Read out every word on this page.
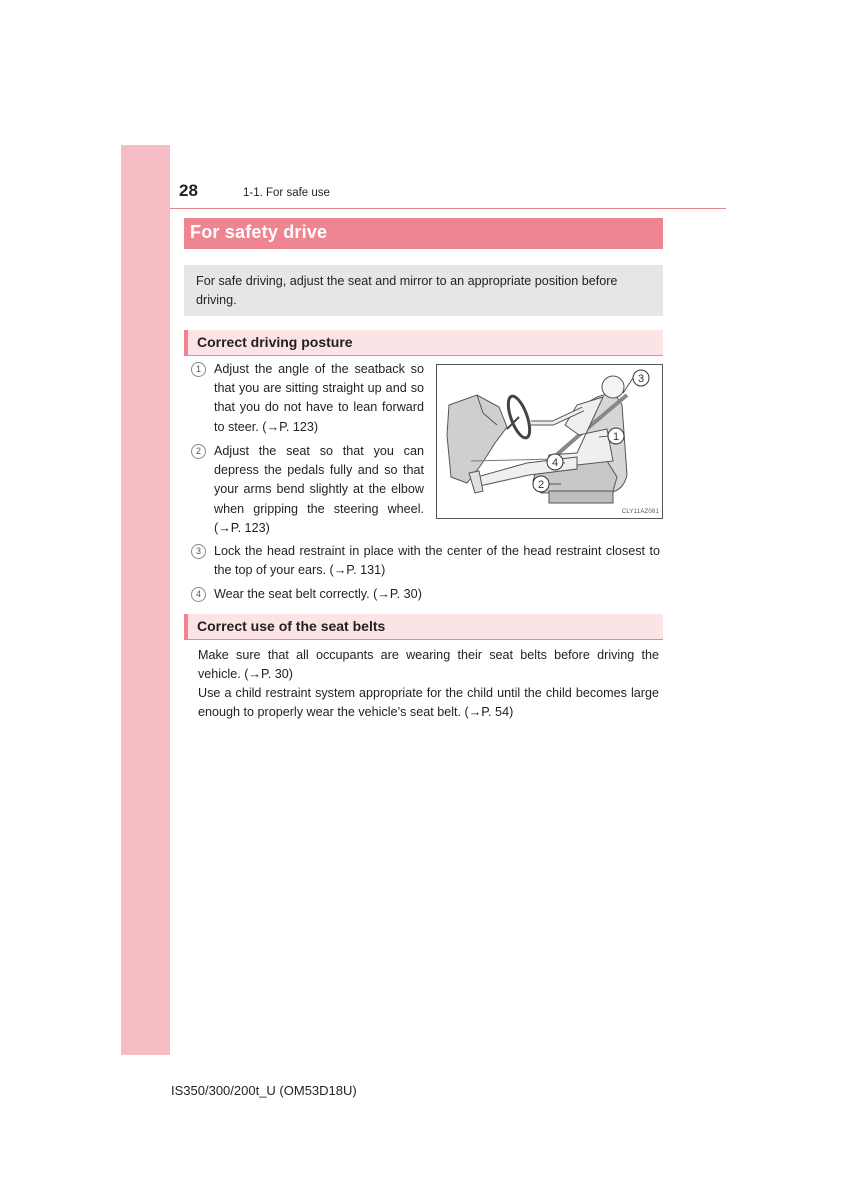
28	1-1. For safe use
For safety drive
For safe driving, adjust the seat and mirror to an appropriate position before driving.
Correct driving posture
1	Adjust the angle of the seatback so that you are sitting straight up and so that you do not have to lean forward to steer. (→P. 123)
2	Adjust the seat so that you can depress the pedals fully and so that your arms bend slightly at the elbow when gripping the steering wheel. (→P. 123)
3
1
4
2
CLY11AZ081
3	Lock the head restraint in place with the center of the head restraint closest to the top of your ears. (→P. 131)
4	Wear the seat belt correctly. (→P. 30)
Correct use of the seat belts
Make sure that all occupants are wearing their seat belts before driving the vehicle. (→P. 30)
Use a child restraint system appropriate for the child until the child becomes large enough to properly wear the vehicle’s seat belt. (→P. 54)
IS350/300/200t_U (OM53D18U)
